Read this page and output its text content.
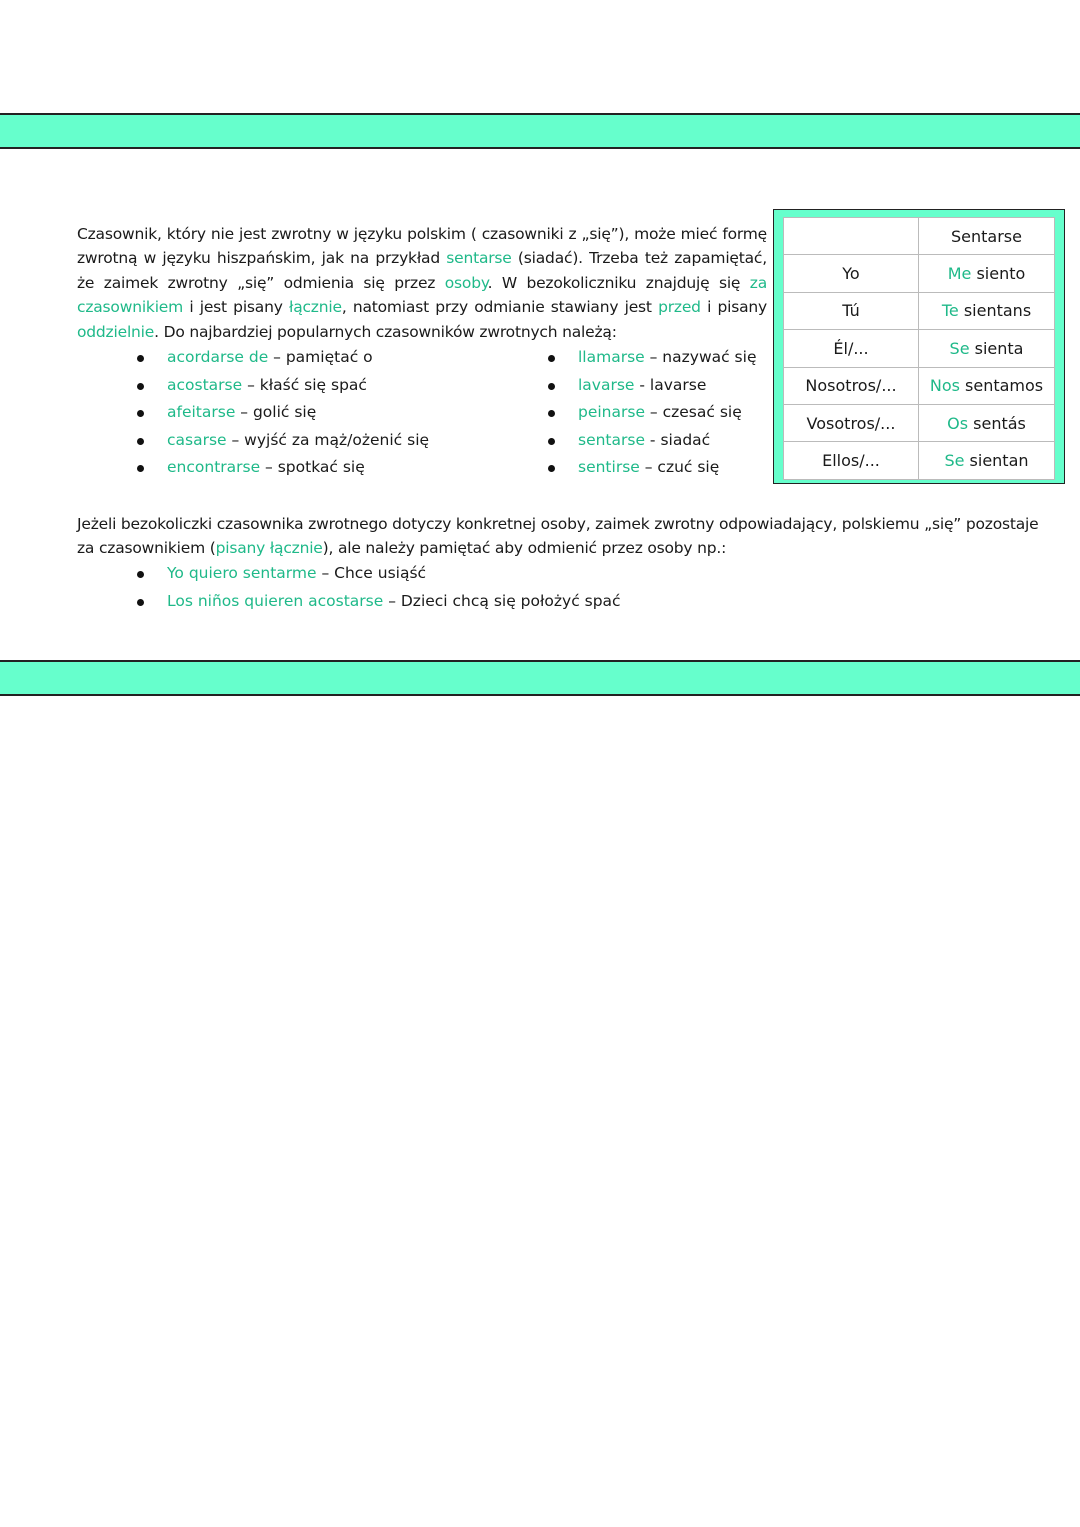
Czasownik, który nie jest zwrotny w języku polskim ( czasowniki z „się”), może mieć formę zwrotną w języku hiszpańskim, jak na przykład sentarse (siadać). Trzeba też zapamiętać, że zaimek zwrotny „się” odmienia się przez osoby. W bezokoliczniku znajduję się za czasownikiem i jest pisany łącznie, natomiast przy odmianie stawiany jest przed i pisany oddzielnie. Do najbardziej popularnych czasowników zwrotnych należą:

acordarse de – pamiętać o
acostarse – kłaść się spać
afeitarse – golić się
casarse – wyjść za mąż/ożenić się
encontrarse – spotkać się
llamarse – nazywać się
lavarse - lavarse
peinarse – czesać się
sentarse - siadać
sentirse – czuć się
	Sentarse
Yo	Me siento
Tú	Te sientans
Él/...	Se sienta
Nosotros/...	Nos sentamos
Vosotros/...	Os sentás
Ellos/...	Se sientan

Jeżeli bezokoliczki czasownika zwrotnego dotyczy konkretnej osoby, zaimek zwrotny odpowiadający, polskiemu „się” pozostaje za czasownikiem (pisany łącznie), ale należy pamiętać aby odmienić przez osoby np.:

Yo quiero sentarme – Chce usiąść
Los niños quieren acostarse – Dzieci chcą się położyć spać
